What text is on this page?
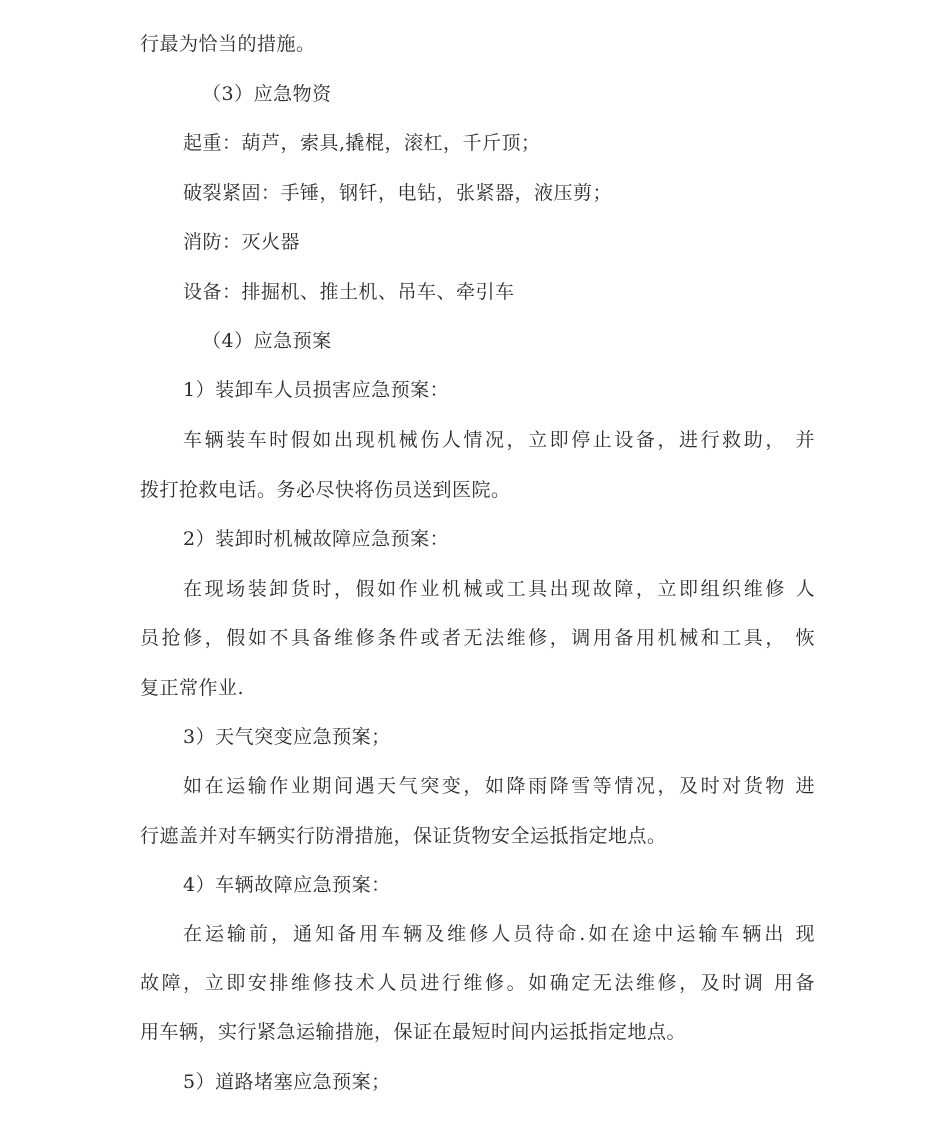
行最为恰当的措施。
（3）应急物资
起重：葫芦，索具,撬棍，滚杠，千斤顶；
破裂紧固：手锤，钢钎，电钻，张紧器，液压剪；
消防：灭火器
设备：排掘机、推土机、吊车、牵引车
（4）应急预案
1）装卸车人员损害应急预案：
车辆装车时假如出现机械伤人情况，立即停止设备，进行救助， 并
拨打抢救电话。务必尽快将伤员送到医院。
2）装卸时机械故障应急预案：
在现场装卸货时，假如作业机械或工具出现故障，立即组织维修 人
员抢修，假如不具备维修条件或者无法维修，调用备用机械和工具， 恢
复正常作业.
3）天气突变应急预案；
如在运输作业期间遇天气突变，如降雨降雪等情况，及时对货物 进
行遮盖并对车辆实行防滑措施，保证货物安全运抵指定地点。
4）车辆故障应急预案：
在运输前，通知备用车辆及维修人员待命.如在途中运输车辆出 现
故障，立即安排维修技术人员进行维修。如确定无法维修，及时调 用备
用车辆，实行紧急运输措施，保证在最短时间内运抵指定地点。
5）道路堵塞应急预案；
